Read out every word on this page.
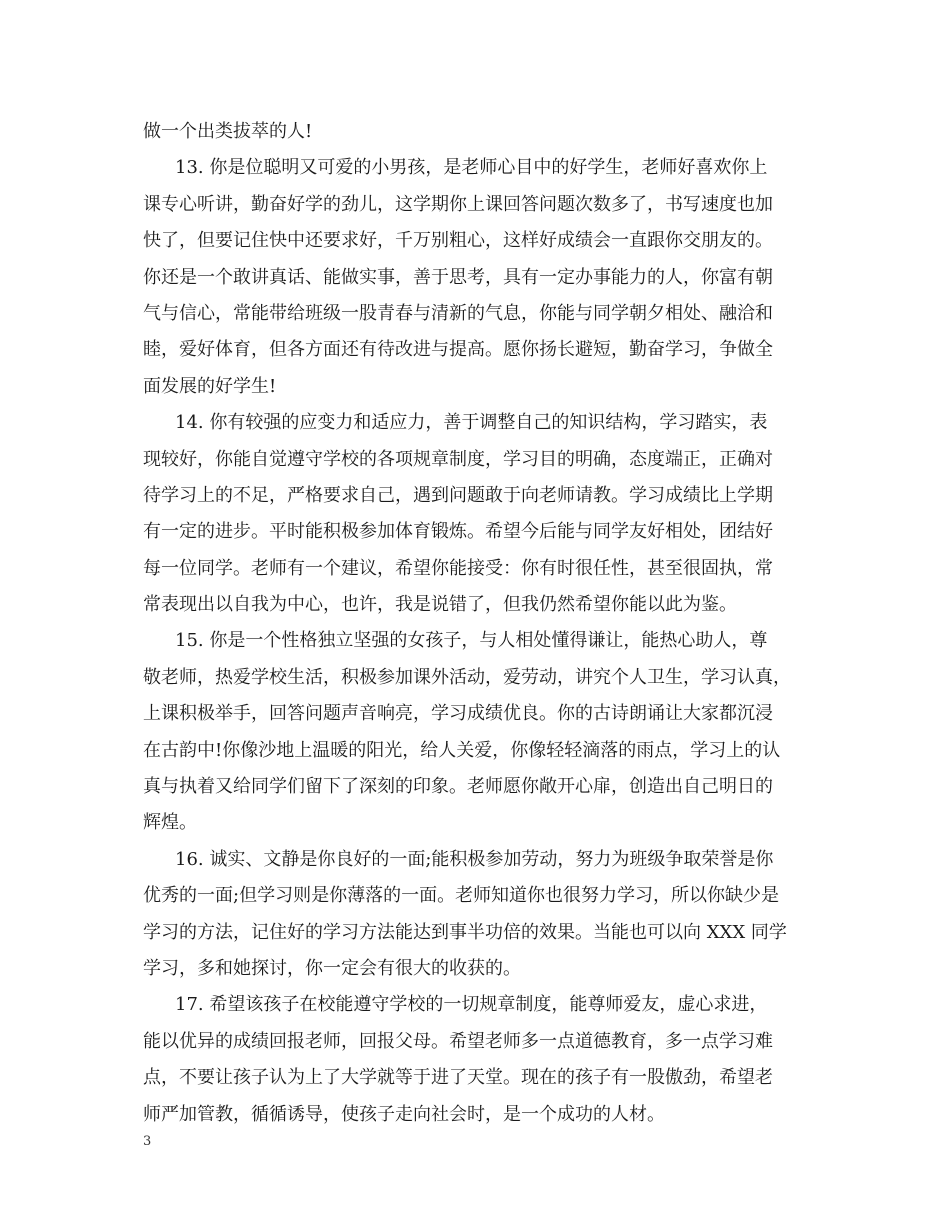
做一个出类拔萃的人!
13. 你是位聪明又可爱的小男孩，是老师心目中的好学生，老师好喜欢你上
课专心听讲，勤奋好学的劲儿，这学期你上课回答问题次数多了，书写速度也加
快了，但要记住快中还要求好，千万别粗心，这样好成绩会一直跟你交朋友的。
你还是一个敢讲真话、能做实事，善于思考，具有一定办事能力的人，你富有朝
气与信心，常能带给班级一股青春与清新的气息，你能与同学朝夕相处、融洽和
睦，爱好体育，但各方面还有待改进与提高。愿你扬长避短，勤奋学习，争做全
面发展的好学生!
14. 你有较强的应变力和适应力，善于调整自己的知识结构，学习踏实，表
现较好，你能自觉遵守学校的各项规章制度，学习目的明确，态度端正，正确对
待学习上的不足，严格要求自己，遇到问题敢于向老师请教。学习成绩比上学期
有一定的进步。平时能积极参加体育锻炼。希望今后能与同学友好相处，团结好
每一位同学。老师有一个建议，希望你能接受：你有时很任性，甚至很固执，常
常表现出以自我为中心，也许，我是说错了，但我仍然希望你能以此为鉴。
15. 你是一个性格独立坚强的女孩子，与人相处懂得谦让，能热心助人，尊
敬老师，热爱学校生活，积极参加课外活动，爱劳动，讲究个人卫生，学习认真，
上课积极举手，回答问题声音响亮，学习成绩优良。你的古诗朗诵让大家都沉浸
在古韵中!你像沙地上温暖的阳光，给人关爱，你像轻轻滴落的雨点，学习上的认
真与执着又给同学们留下了深刻的印象。老师愿你敞开心扉，创造出自己明日的
辉煌。
16. 诚实、文静是你良好的一面;能积极参加劳动，努力为班级争取荣誉是你
优秀的一面;但学习则是你薄落的一面。老师知道你也很努力学习，所以你缺少是
学习的方法，记住好的学习方法能达到事半功倍的效果。当能也可以向 XXX 同学
学习，多和她探讨，你一定会有很大的收获的。
17. 希望该孩子在校能遵守学校的一切规章制度，能尊师爱友，虚心求进，
能以优异的成绩回报老师，回报父母。希望老师多一点道德教育，多一点学习难
点，不要让孩子认为上了大学就等于进了天堂。现在的孩子有一股傲劲，希望老
师严加管教，循循诱导，使孩子走向社会时，是一个成功的人材。
3
